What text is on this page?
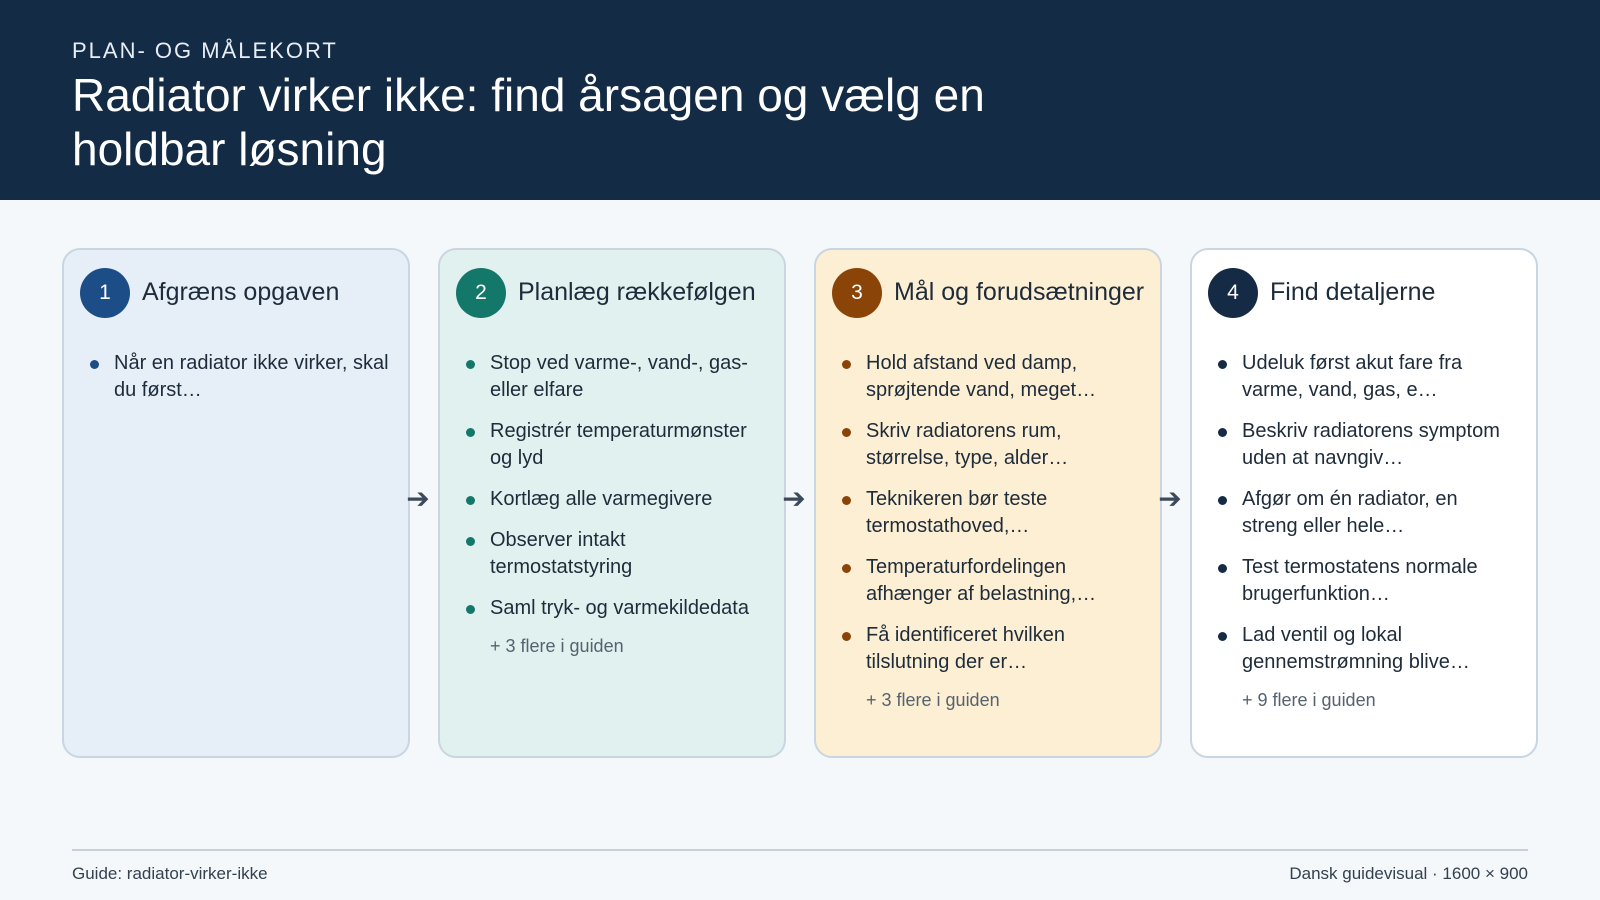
PLAN- OG MÅLEKORT
Radiator virker ikke: find årsagen og vælg en holdbar løsning
1	Afgræns opgaven
Når en radiator ikke virker, skal du først…
➔
2	Planlæg rækkefølgen
Stop ved varme-, vand-, gas- eller elfare
Registrér temperaturmønster og lyd
Kortlæg alle varmegivere
Observer intakt termostatstyring
Saml tryk- og varmekildedata
+ 3 flere i guiden
➔
3	Mål og forudsætninger
Hold afstand ved damp, sprøjtende vand, meget…
Skriv radiatorens rum, størrelse, type, alder…
Teknikeren bør teste termostathoved,…
Temperaturfordelingen afhænger af belastning,…
Få identificeret hvilken tilslutning der er…
+ 3 flere i guiden
➔
4	Find detaljerne
Udeluk først akut fare fra varme, vand, gas, e…
Beskriv radiatorens symptom uden at navngiv…
Afgør om én radiator, en streng eller hele…
Test termostatens normale brugerfunktion…
Lad ventil og lokal gennemstrømning blive…
+ 9 flere i guiden
Guide: radiator-virker-ikke	Dansk guidevisual · 1600 × 900
